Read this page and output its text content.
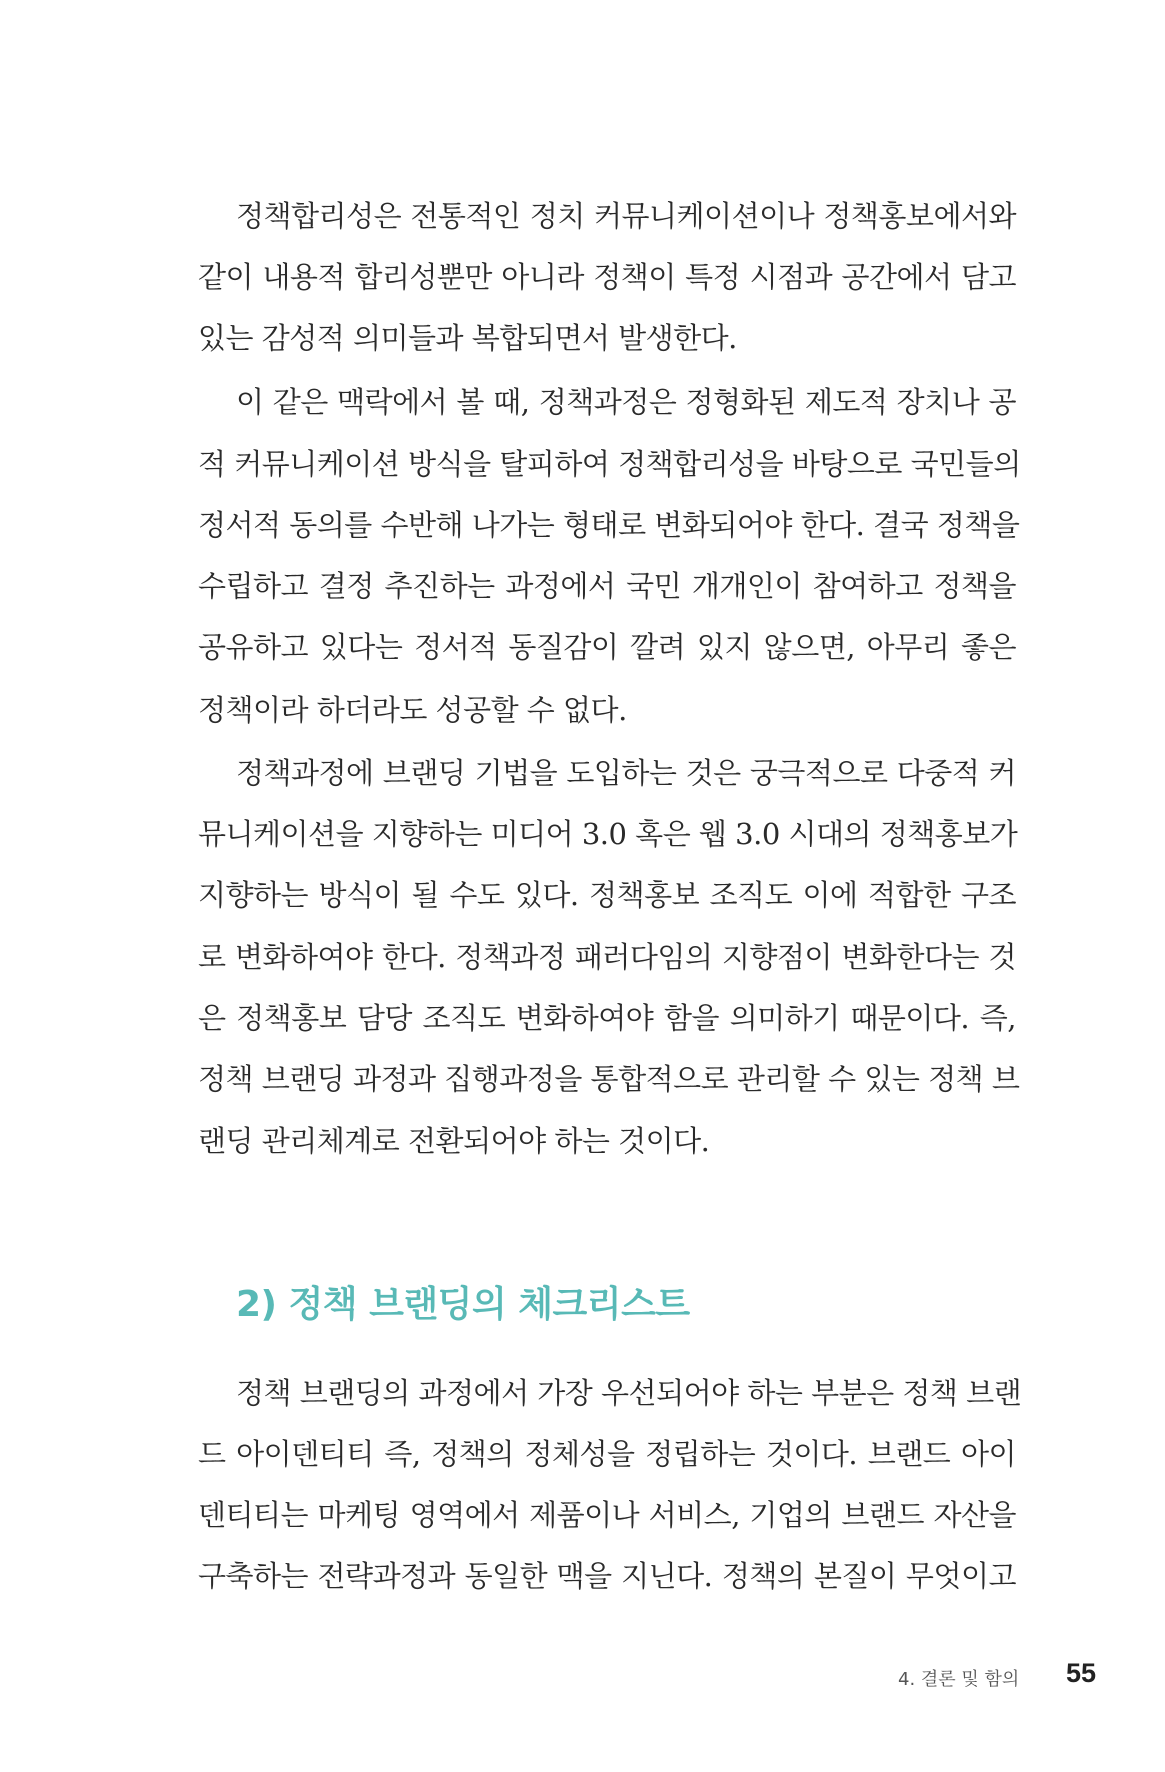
정책합리성은 전통적인 정치 커뮤니케이션이나 정책홍보에서와
같이 내용적 합리성뿐만 아니라 정책이 특정 시점과 공간에서 담고
있는 감성적 의미들과 복합되면서 발생한다.
이 같은 맥락에서 볼 때, 정책과정은 정형화된 제도적 장치나 공
적 커뮤니케이션 방식을 탈피하여 정책합리성을 바탕으로 국민들의
정서적 동의를 수반해 나가는 형태로 변화되어야 한다. 결국 정책을
수립하고 결정 추진하는 과정에서 국민 개개인이 참여하고 정책을
공유하고 있다는 정서적 동질감이 깔려 있지 않으면, 아무리 좋은
정책이라 하더라도 성공할 수 없다.
정책과정에 브랜딩 기법을 도입하는 것은 궁극적으로 다중적 커
뮤니케이션을 지향하는 미디어 3.0 혹은 웹 3.0 시대의 정책홍보가
지향하는 방식이 될 수도 있다. 정책홍보 조직도 이에 적합한 구조
로 변화하여야 한다. 정책과정 패러다임의 지향점이 변화한다는 것
은 정책홍보 담당 조직도 변화하여야 함을 의미하기 때문이다. 즉,
정책 브랜딩 과정과 집행과정을 통합적으로 관리할 수 있는 정책 브
랜딩 관리체계로 전환되어야 하는 것이다.
2) 정책 브랜딩의 체크리스트
정책 브랜딩의 과정에서 가장 우선되어야 하는 부분은 정책 브랜
드 아이덴티티 즉, 정책의 정체성을 정립하는 것이다. 브랜드 아이
덴티티는 마케팅 영역에서 제품이나 서비스, 기업의 브랜드 자산을
구축하는 전략과정과 동일한 맥을 지닌다. 정책의 본질이 무엇이고
4. 결론 및 함의 55
